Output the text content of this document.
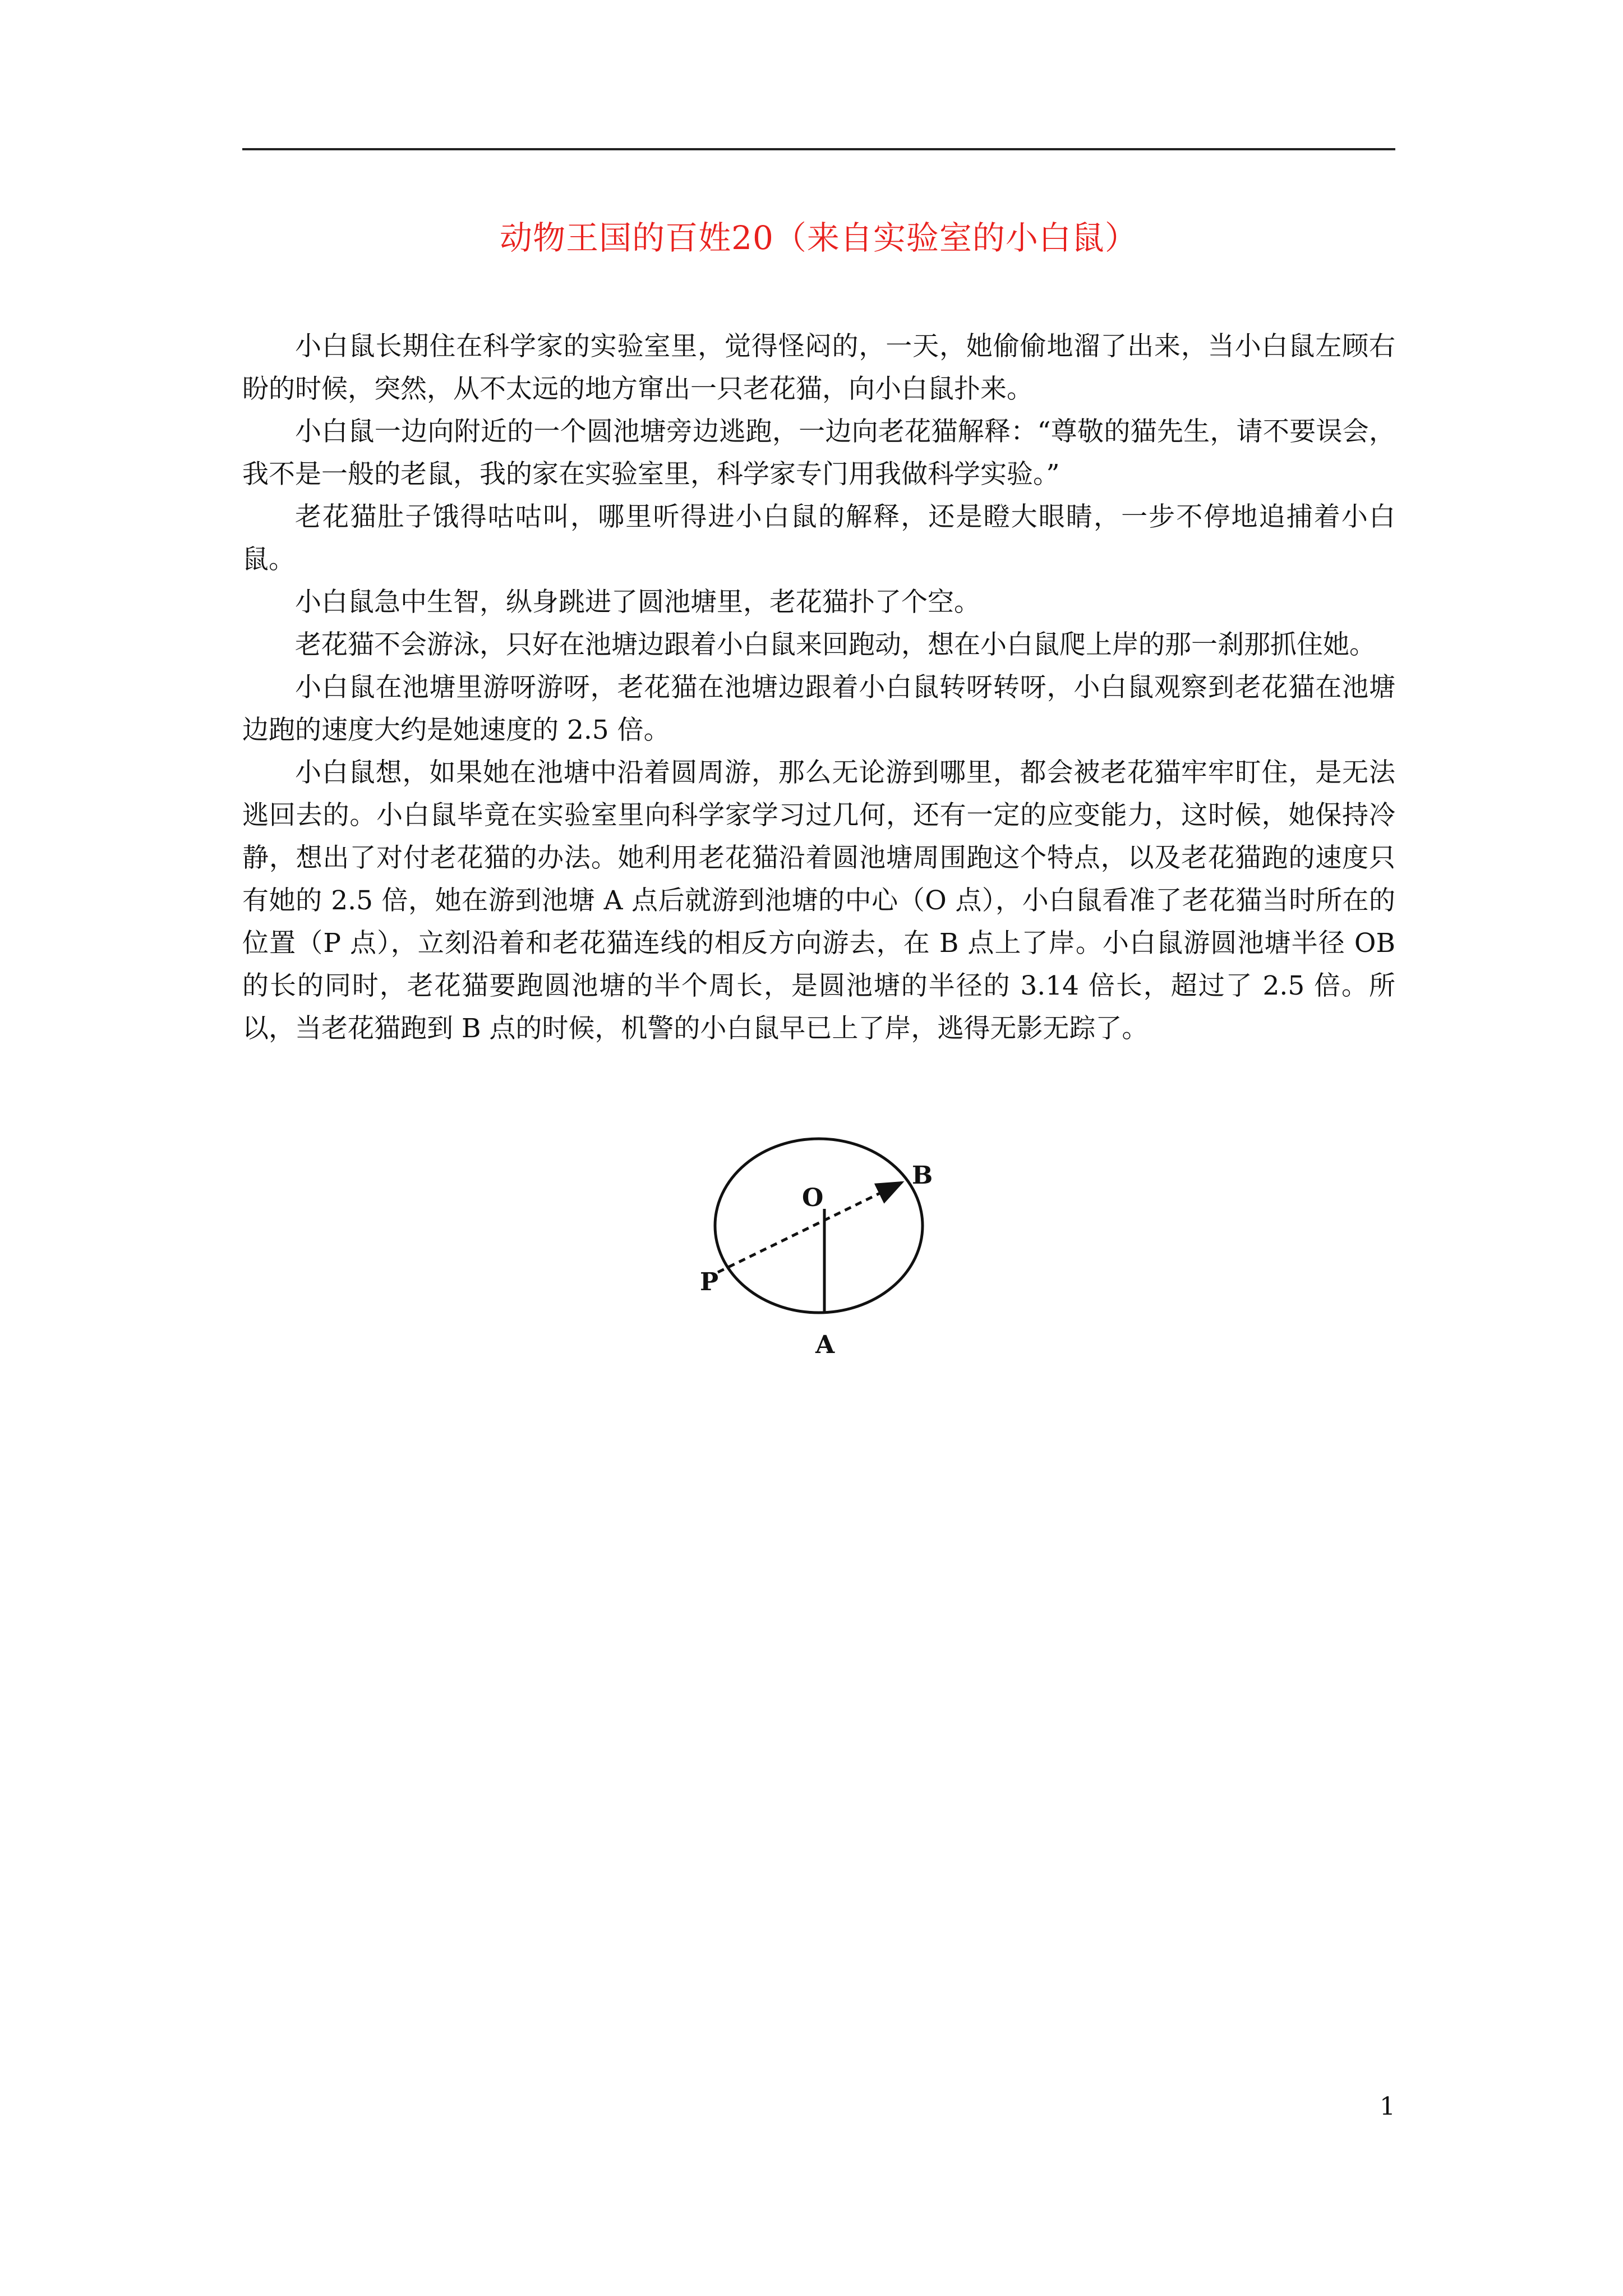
动物王国的百姓20（来自实验室的小白鼠）

小白鼠长期住在科学家的实验室里，觉得怪闷的，一天，她偷偷地溜了出来，当小白鼠左顾右盼的时候，突然，从不太远的地方窜出一只老花猫，向小白鼠扑来。

小白鼠一边向附近的一个圆池塘旁边逃跑，一边向老花猫解释：“尊敬的猫先生，请不要误会，我不是一般的老鼠，我的家在实验室里，科学家专门用我做科学实验。”

老花猫肚子饿得咕咕叫，哪里听得进小白鼠的解释，还是瞪大眼睛，一步不停地追捕着小白鼠。

小白鼠急中生智，纵身跳进了圆池塘里，老花猫扑了个空。

老花猫不会游泳，只好在池塘边跟着小白鼠来回跑动，想在小白鼠爬上岸的那一刹那抓住她。

小白鼠在池塘里游呀游呀，老花猫在池塘边跟着小白鼠转呀转呀，小白鼠观察到老花猫在池塘边跑的速度大约是她速度的 2.5 倍。

小白鼠想，如果她在池塘中沿着圆周游，那么无论游到哪里，都会被老花猫牢牢盯住，是无法逃回去的。小白鼠毕竟在实验室里向科学家学习过几何，还有一定的应变能力，这时候，她保持冷静，想出了对付老花猫的办法。她利用老花猫沿着圆池塘周围跑这个特点，以及老花猫跑的速度只有她的 2.5 倍，她在游到池塘 A 点后就游到池塘的中心（O 点），小白鼠看准了老花猫当时所在的位置（P 点），立刻沿着和老花猫连线的相反方向游去，在 B 点上了岸。小白鼠游圆池塘半径 OB 的长的同时，老花猫要跑圆池塘的半个周长，是圆池塘的半径的 3.14 倍长，超过了 2.5 倍。所以，当老花猫跑到 B 点的时候，机警的小白鼠早已上了岸，逃得无影无踪了。

O
B
P
A
1
